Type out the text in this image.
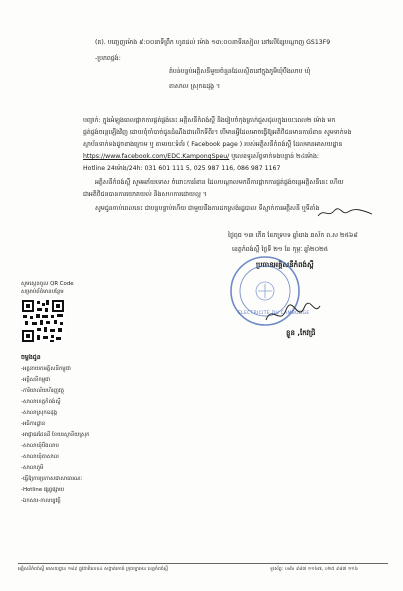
(គ). បញ្ចេញម៉ោង ៩:០០នាទីព្រឹក ហូតដល់ ម៉ោង ១៣:០០នាទីរសៀល នៅលើខ្សែបណ្ដាញ GS13F9
-ប្រភពផ្គង់:
តំបន់បន្ទប់អគ្គិសនីមួយចំនួនដែលស្ថិតនៅក្នុងភូមិឃុំបឹងលាប ឃុំ
តាសាល ស្រុកឧដុង្គ ។
បញ្ជាក់: ក្នុងអំឡុងពេលផ្អាកការផ្គត់ផ្គង់នេះ អគ្គិសនីកំពង់ស្ពឺ និងរៀបចំកុងត្រាក់ជួសជុលក្នុងរយៈពេល២ ម៉ោង មក
ផ្គត់ផ្គង់ចរន្តឡើងវិញ ដោយពុំចាំបាច់ជូនដំណឹងជាលើកទីពីរ។ បើមានអ្វីដែលអាចធ្វើឱ្យអតិថិជនមានការរំខាន សូមទាក់ទង
ស្ថាប័នទាក់ទងដូចខាងក្រោម ឬ តាមរយៈទំព័រ ( Facebook page ) របស់អគ្គិសនីកំពង់ស្ពឺ ដែលមានអាសយដ្ឋាន
https://www.facebook.com/EDC.KampongSpeu/ ឬលេខទូរស័ព្ទទាក់ទងបន្ទាន់ ២៤ម៉ោង:
Hotline 24ម៉ោង/24h: 031 601 111 5, 025 987 116, 086 987 1167
អគ្គិសនីកំពង់ស្ពឺ សូមអភ័យទោស ចំពោះការរំខាន ដែលបណ្ដាលមកពីការផ្អាកការផ្គត់ផ្គង់ចរន្តអគ្គិសនីនេះ ហើយ
ជាអតិថិជនបានការយោគយល់ និងសហការដោយល្អ ។
សូមជូនចាប់ពេលនេះ ជាបន្តបន្ទាប់ហើយ ជាមួយនឹងការដកស្រង់រដ្ឋបាល ទីស្នាក់ការអគ្គិសនី ឬទីតាំង
ថ្ងៃពុធ ១៣ កើត ខែភទ្របទ ឆ្នាំរោង ឆស័ក ព.ស ២៥៦៨
ខេត្តកំពង់ស្ពឺ ថ្ងៃទី ២១ ខែ កុម្ភៈ ឆ្នាំ២០២៥
ប្រធានអគ្គិសនីកំពង់ស្ពឺ
ELECTRICITE DU CAMBODGE
ខ្លួន ,កែវជ្រិ
សូមស្កេនចូល QR Code
សម្រាប់ព័ត៌មានបន្ថែម
ចម្លងជូន
-អគ្គនាយកអគ្គិសនីកម្ពុជា
-អគ្គិសនីកម្ពុជា
-ការិយាល័យហិរញ្ញវត្ថុ
-សាលាខេត្តកំពង់ស្ពឺ
-សាលាស្រុកឧដុង្គ
-អធិការដ្ឋាន
-អាជ្ញាធរដែនដី ខែយរស្ថានីយស្រុក
-សាលាឃុំបឹងលាប
-សាលាឃុំតាសាល
-សាលាភូមិ
-ធ្វើឱ្យការប្រកាសជាសាធារណៈ
-Hotline ផ្សព្វផ្សាយ
-ឯកសារ-កាលប្បវត្តិ
អគ្គិសនីកំពង់ស្ពឺ អាសយដ្ឋាន ១៨៩ ផ្លូវជាតិលេខ៤ សង្កាត់រកាធំ ក្រុងច្បារមន ខេត្តកំពង់ស្ពឺ	ទូរស័ព្ទ: ០៨៦ ៩៨៧ ១១៦៧, ០២៥ ៩៨៧ ១១៦
